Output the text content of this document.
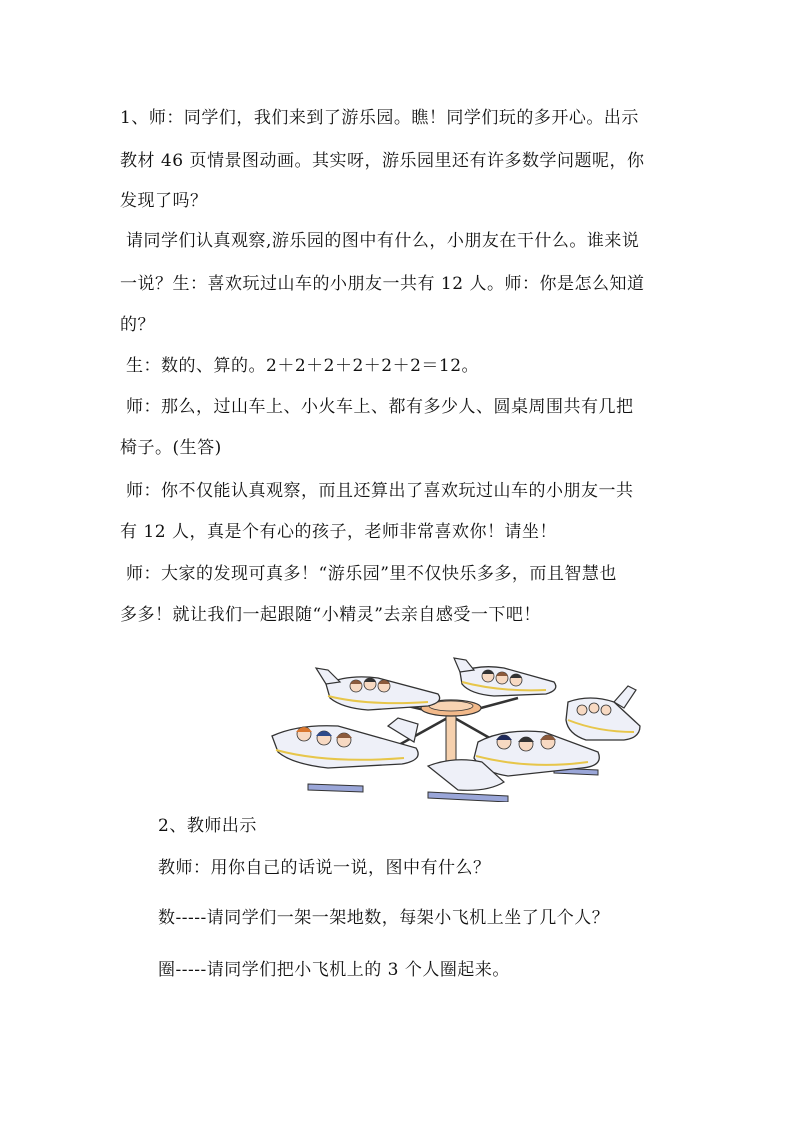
1、师：同学们，我们来到了游乐园。瞧！同学们玩的多开心。出示
教材 46 页情景图动画。其实呀，游乐园里还有许多数学问题呢，你
发现了吗？
请同学们认真观察,游乐园的图中有什么，小朋友在干什么。谁来说
一说？生：喜欢玩过山车的小朋友一共有 12 人。师：你是怎么知道
的？
生：数的、算的。2＋2＋2＋2＋2＋2＝12。
师：那么，过山车上、小火车上、都有多少人、圆桌周围共有几把
椅子。(生答)
师：你不仅能认真观察，而且还算出了喜欢玩过山车的小朋友一共
有 12 人，真是个有心的孩子，老师非常喜欢你！请坐！
师：大家的发现可真多！“游乐园”里不仅快乐多多，而且智慧也
多多！就让我们一起跟随“小精灵”去亲自感受一下吧！
2、教师出示
教师：用你自己的话说一说，图中有什么？
数-----请同学们一架一架地数，每架小飞机上坐了几个人？
圈-----请同学们把小飞机上的 3 个人圈起来。
